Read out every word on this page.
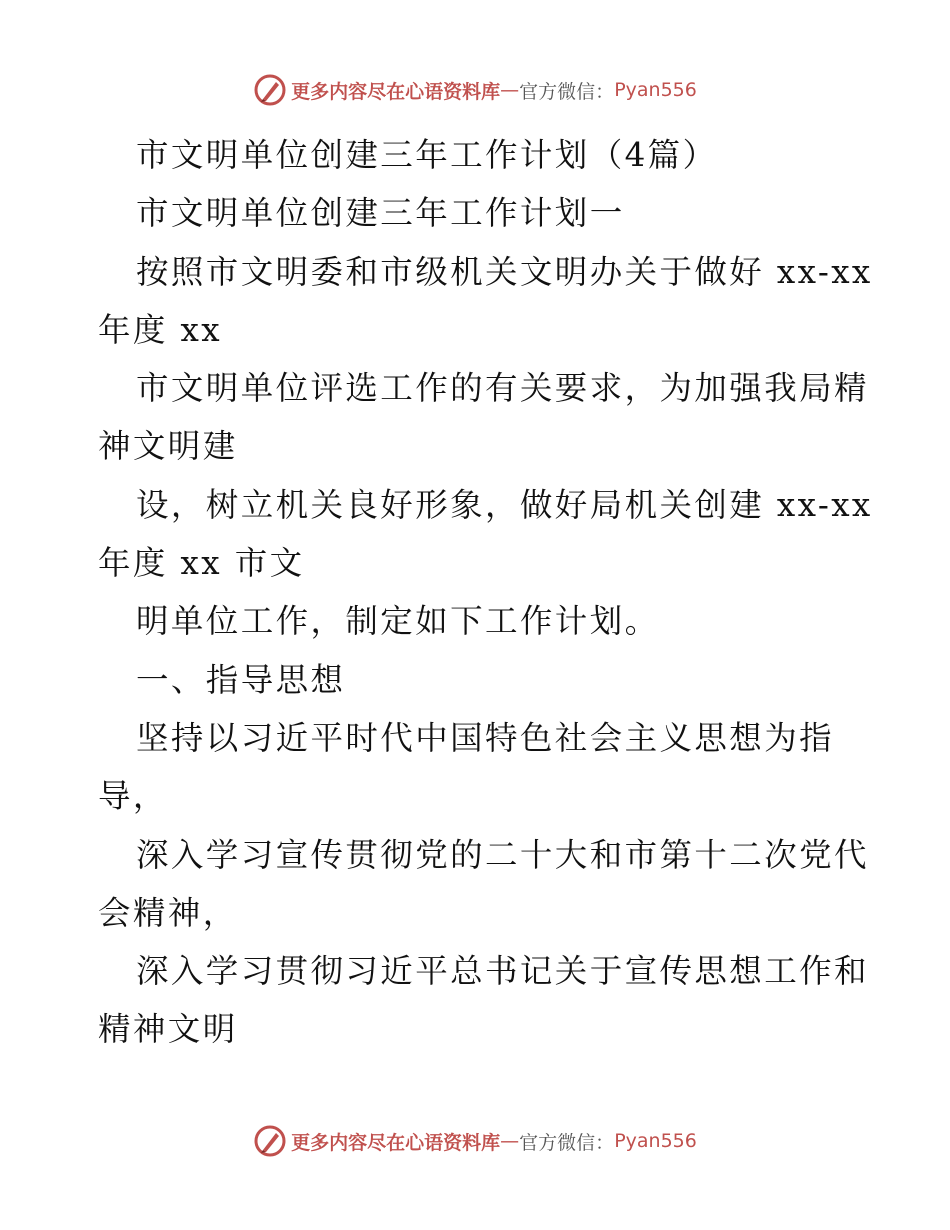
更多内容尽在心语资料库 — 官方微信： Pyan556
市文明单位创建三年工作计划（4篇）
市文明单位创建三年工作计划一
按照市文明委和市级机关文明办关于做好 xx-xx
年度 xx
市文明单位评选工作的有关要求，为加强我局精
神文明建
设，树立机关良好形象，做好局机关创建 xx-xx
年度 xx 市文
明单位工作，制定如下工作计划。
一、指导思想
坚持以习近平时代中国特色社会主义思想为指
导，
深入学习宣传贯彻党的二十大和市第十二次党代
会精神，
深入学习贯彻习近平总书记关于宣传思想工作和
精神文明
更多内容尽在心语资料库 — 官方微信： Pyan556
